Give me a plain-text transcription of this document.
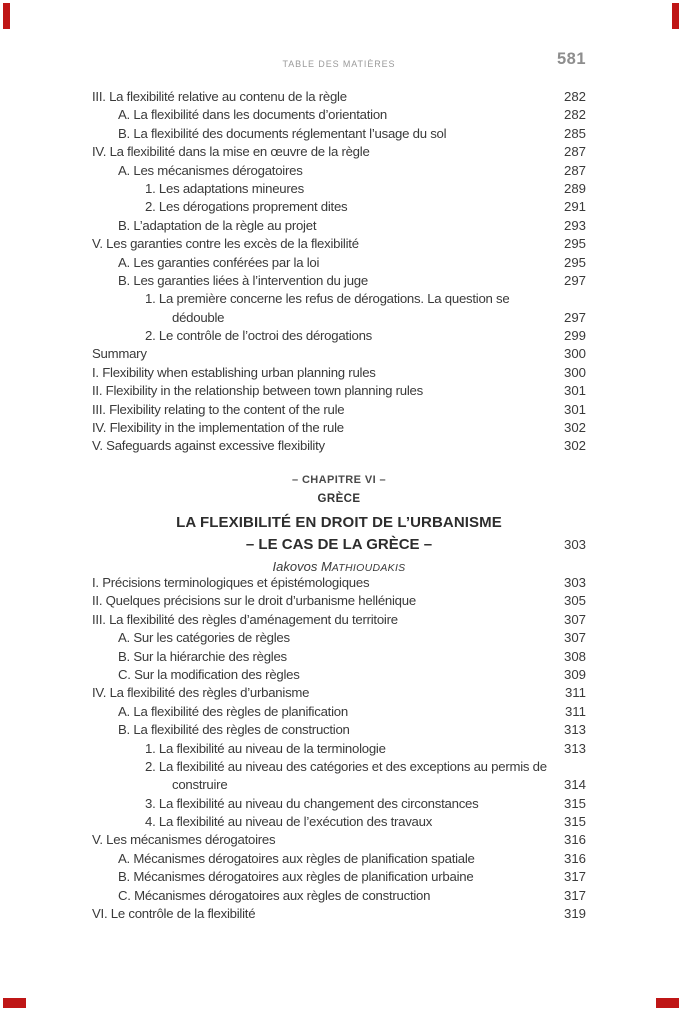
TABLE DES MATIÈRES	581
III. La flexibilité relative au contenu de la règle	282
A. La flexibilité dans les documents d’orientation	282
B. La flexibilité des documents réglementant l’usage du sol	285
IV. La flexibilité dans la mise en œuvre de la règle	287
A. Les mécanismes dérogatoires	287
1. Les adaptations mineures	289
2. Les dérogations proprement dites	291
B. L’adaptation de la règle au projet	293
V. Les garanties contre les excès de la flexibilité	295
A. Les garanties conférées par la loi	295
B. Les garanties liées à l’intervention du juge	297
1. La première concerne les refus de dérogations. La question se
dédouble	297
2. Le contrôle de l’octroi des dérogations	299
Summary	300
I. Flexibility when establishing urban planning rules	300
II. Flexibility in the relationship between town planning rules	301
III. Flexibility relating to the content of the rule	301
IV. Flexibility in the implementation of the rule	302
V. Safeguards against excessive flexibility	302
– CHAPITRE VI –
GRÈCE
LA FLEXIBILITÉ EN DROIT DE L’URBANISME
– LE CAS DE LA GRÈCE –	303
Iakovos MATHIOUDAKIS
I. Précisions terminologiques et épistémologiques	303
II. Quelques précisions sur le droit d’urbanisme hellénique	305
III. La flexibilité des règles d’aménagement du territoire	307
A. Sur les catégories de règles	307
B. Sur la hiérarchie des règles	308
C. Sur la modification des règles	309
IV. La flexibilité des règles d’urbanisme	311
A. La flexibilité des règles de planification	311
B. La flexibilité des règles de construction	313
1. La flexibilité au niveau de la terminologie	313
2. La flexibilité au niveau des catégories et des exceptions au permis de
construire	314
3. La flexibilité au niveau du changement des circonstances	315
4. La flexibilité au niveau de l’exécution des travaux	315
V. Les mécanismes dérogatoires	316
A. Mécanismes dérogatoires aux règles de planification spatiale	316
B. Mécanismes dérogatoires aux règles de planification urbaine	317
C. Mécanismes dérogatoires aux règles de construction	317
VI. Le contrôle de la flexibilité	319
